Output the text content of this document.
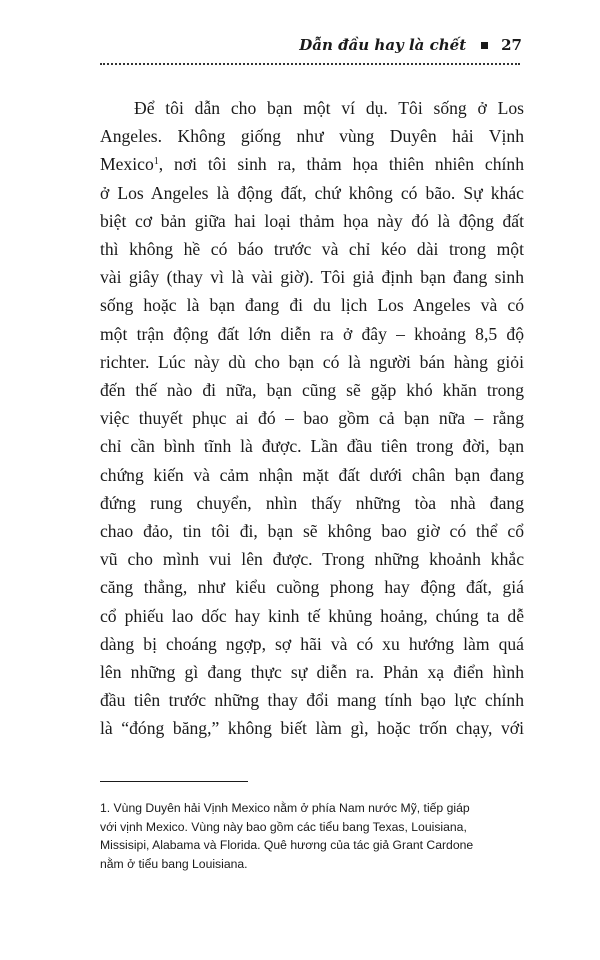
Dẫn đầu hay là chết 27
Để tôi dẫn cho bạn một ví dụ. Tôi sống ở Los
Angeles. Không giống như vùng Duyên hải Vịnh
Mexico$^1$, nơi tôi sinh ra, thảm họa thiên nhiên chính
ở Los Angeles là động đất, chứ không có bão. Sự khác
biệt cơ bản giữa hai loại thảm họa này đó là động đất
thì không hề có báo trước và chỉ kéo dài trong một
vài giây (thay vì là vài giờ). Tôi giả định bạn đang sinh
sống hoặc là bạn đang đi du lịch Los Angeles và có
một trận động đất lớn diễn ra ở đây – khoảng 8,5 độ
richter. Lúc này dù cho bạn có là người bán hàng giỏi
đến thế nào đi nữa, bạn cũng sẽ gặp khó khăn trong
việc thuyết phục ai đó – bao gồm cả bạn nữa – rằng
chỉ cần bình tĩnh là được. Lần đầu tiên trong đời, bạn
chứng kiến và cảm nhận mặt đất dưới chân bạn đang
đứng rung chuyển, nhìn thấy những tòa nhà đang
chao đảo, tin tôi đi, bạn sẽ không bao giờ có thể cổ
vũ cho mình vui lên được. Trong những khoảnh khắc
căng thẳng, như kiểu cuồng phong hay động đất, giá
cổ phiếu lao dốc hay kinh tế khủng hoảng, chúng ta dễ
dàng bị choáng ngợp, sợ hãi và có xu hướng làm quá
lên những gì đang thực sự diễn ra. Phản xạ điển hình
đầu tiên trước những thay đổi mang tính bạo lực chính
là “đóng băng,” không biết làm gì, hoặc trốn chạy, với
1. Vùng Duyên hải Vịnh Mexico nằm ở phía Nam nước Mỹ, tiếp giáp
với vịnh Mexico. Vùng này bao gồm các tiểu bang Texas, Louisiana,
Missisipi, Alabama và Florida. Quê hương của tác giả Grant Cardone
nằm ở tiểu bang Louisiana.
